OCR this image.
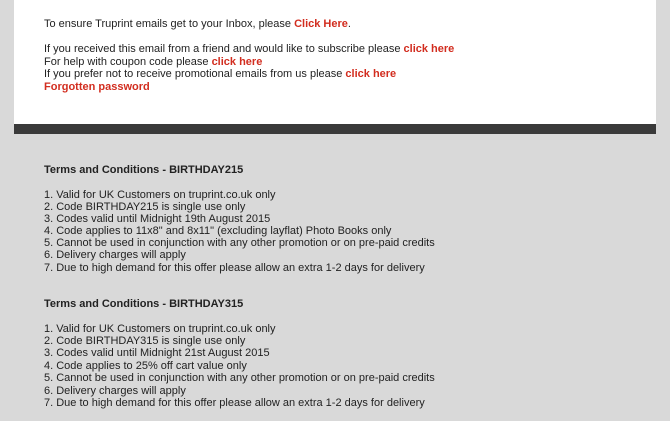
To ensure Truprint emails get to your Inbox, please Click Here.
If you received this email from a friend and would like to subscribe please click here
For help with coupon code please click here
If you prefer not to receive promotional emails from us please click here
Forgotten password
Terms and Conditions - BIRTHDAY215
1. Valid for UK Customers on truprint.co.uk only
2. Code BIRTHDAY215 is single use only
3. Codes valid until Midnight 19th August 2015
4. Code applies to 11x8" and 8x11" (excluding layflat) Photo Books only
5. Cannot be used in conjunction with any other promotion or on pre-paid credits
6. Delivery charges will apply
7. Due to high demand for this offer please allow an extra 1-2 days for delivery
Terms and Conditions - BIRTHDAY315
1. Valid for UK Customers on truprint.co.uk only
2. Code BIRTHDAY315 is single use only
3. Codes valid until Midnight 21st August 2015
4. Code applies to 25% off cart value only
5. Cannot be used in conjunction with any other promotion or on pre-paid credits
6. Delivery charges will apply
7. Due to high demand for this offer please allow an extra 1-2 days for delivery
